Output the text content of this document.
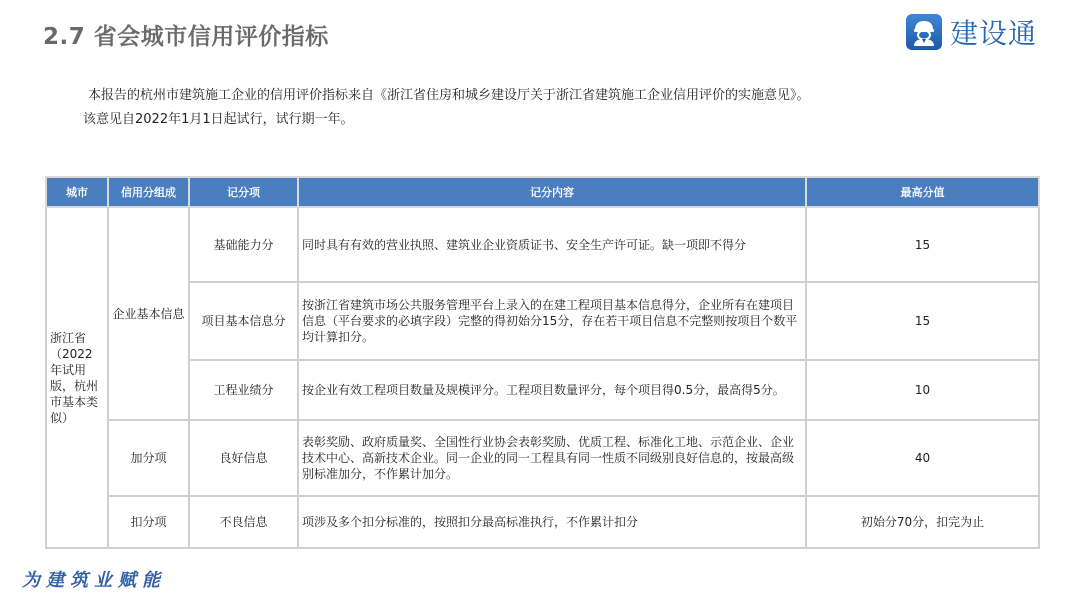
2.7 省会城市信用评价指标	建设通

本报告的杭州市建筑施工企业的信用评价指标来自《浙江省住房和城乡建设厅关于浙江省建筑施工企业信用评价的实施意见》。

该意见自2022年1月1日起试行，试行期一年。

城市	信用分组成	记分项	记分内容	最高分值
浙江省（2022年试用版，杭州市基本类似）	企业基本信息	基础能力分	同时具有有效的营业执照、建筑业企业资质证书、安全生产许可证。缺一项即不得分	15
		项目基本信息分	按浙江省建筑市场公共服务管理平台上录入的在建工程项目基本信息得分，企业所有在建项目信息（平台要求的必填字段）完整的得初始分15分，存在若干项目信息不完整则按项目个数平均计算扣分。	15
		工程业绩分	按企业有效工程项目数量及规模评分。工程项目数量评分，每个项目得0.5分，最高得5分。	10
	加分项	良好信息	表彰奖励、政府质量奖、全国性行业协会表彰奖励、优质工程、标准化工地、示范企业、企业技术中心、高新技术企业。同一企业的同一工程具有同一性质不同级别良好信息的，按最高级别标准加分，不作累计加分。	40
	扣分项	不良信息	项涉及多个扣分标准的，按照扣分最高标准执行，不作累计扣分	初始分70分，扣完为止
为建筑业赋能
